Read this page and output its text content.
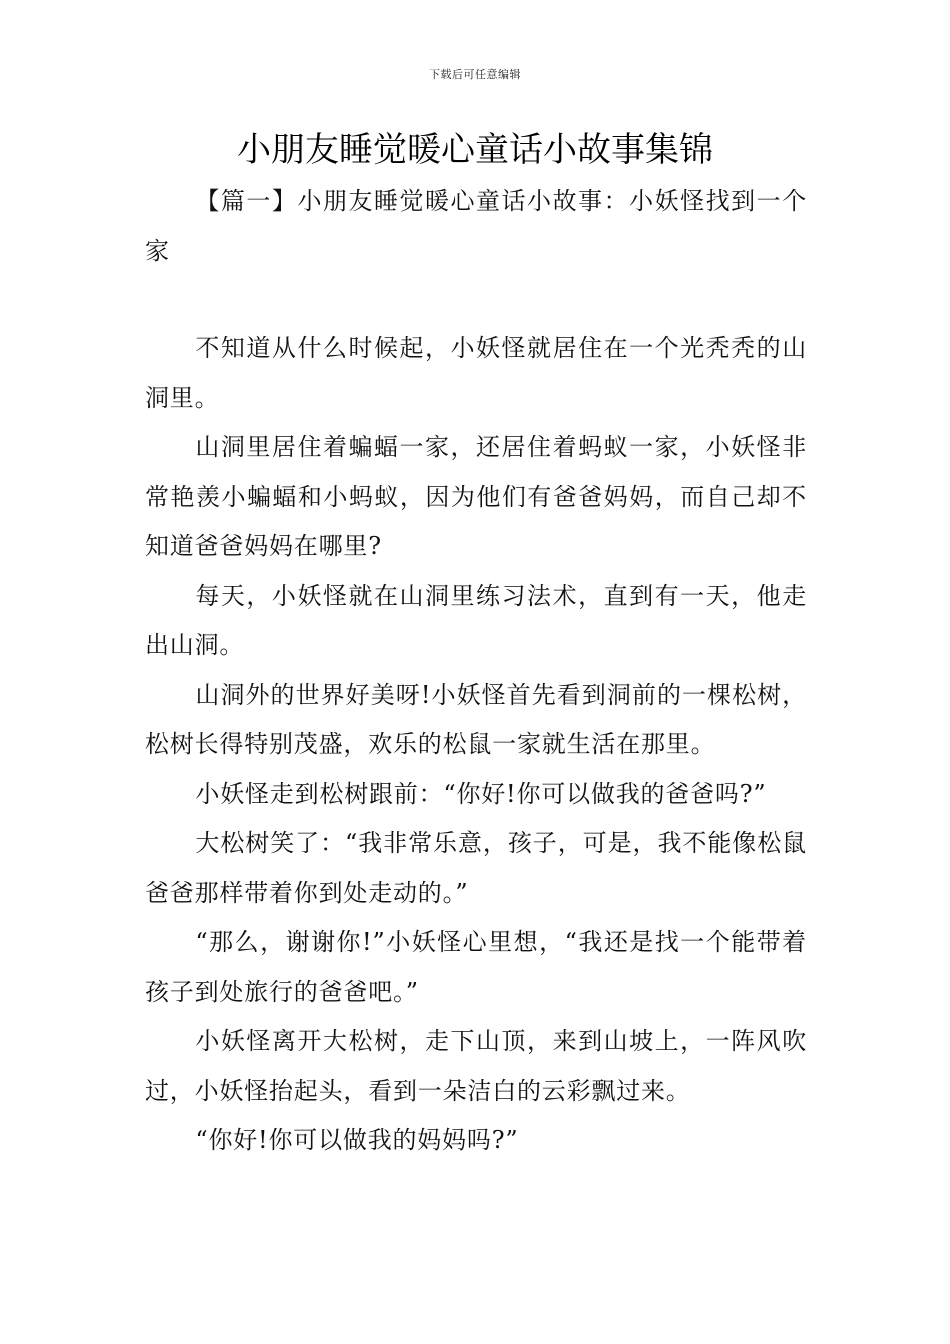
下载后可任意编辑
小朋友睡觉暖心童话小故事集锦

【篇一】小朋友睡觉暖心童话小故事：小妖怪找到一个家

不知道从什么时候起，小妖怪就居住在一个光秃秃的山洞里。

山洞里居住着蝙蝠一家，还居住着蚂蚁一家，小妖怪非常艳羡小蝙蝠和小蚂蚁，因为他们有爸爸妈妈，而自己却不知道爸爸妈妈在哪里?

每天，小妖怪就在山洞里练习法术，直到有一天，他走出山洞。

山洞外的世界好美呀!小妖怪首先看到洞前的一棵松树，松树长得特别茂盛，欢乐的松鼠一家就生活在那里。

小妖怪走到松树跟前：“你好!你可以做我的爸爸吗?”

大松树笑了：“我非常乐意，孩子，可是，我不能像松鼠爸爸那样带着你到处走动的。”

“那么，谢谢你!”小妖怪心里想，“我还是找一个能带着孩子到处旅行的爸爸吧。”

小妖怪离开大松树，走下山顶，来到山坡上，一阵风吹过，小妖怪抬起头，看到一朵洁白的云彩飘过来。

“你好!你可以做我的妈妈吗?”
